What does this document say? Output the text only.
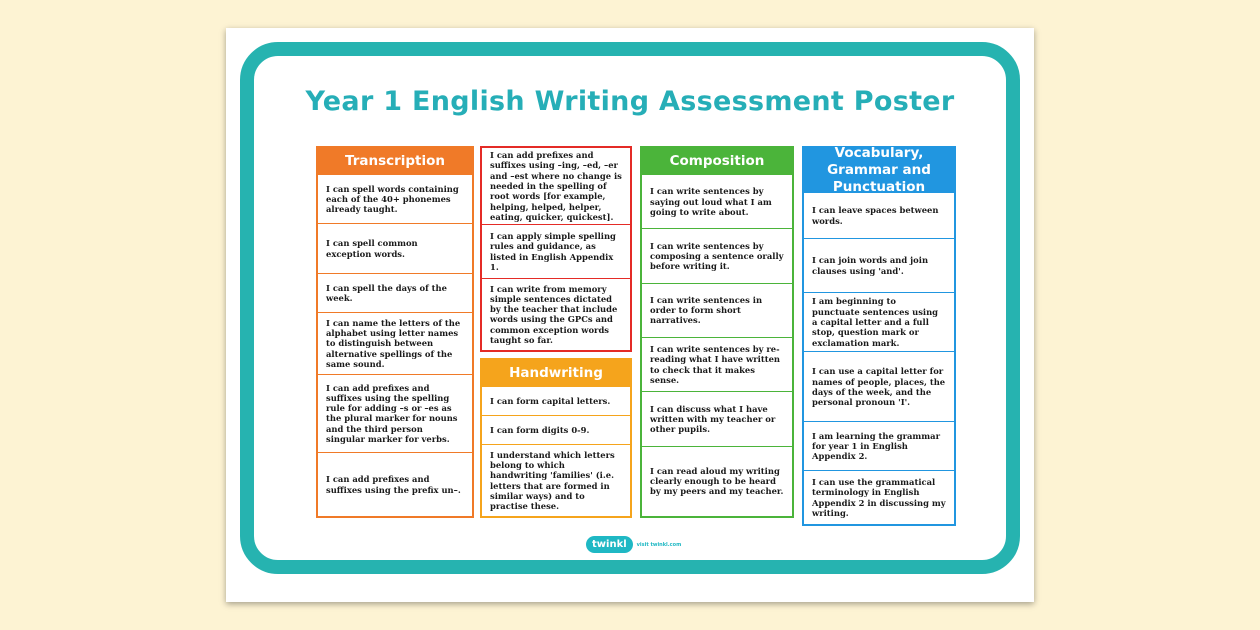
Year 1 English Writing Assessment Poster
Transcription
I can spell words containing each of the 40+ phonemes already taught.
I can spell common exception words.
I can spell the days of the week.
I can name the letters of the alphabet using letter names to distinguish between alternative spellings of the same sound.
I can add prefixes and suffixes using the spelling rule for adding –s or –es as the plural marker for nouns and the third person singular marker for verbs.
I can add prefixes and suffixes using the prefix un–.
I can add prefixes and suffixes using –ing, –ed, –er and –est where no change is needed in the spelling of root words [for example, helping, helped, helper, eating, quicker, quickest].
I can apply simple spelling rules and guidance, as listed in English Appendix 1.
I can write from memory simple sentences dictated by the teacher that include words using the GPCs and common exception words taught so far.
Handwriting
I can form capital letters.
I can form digits 0-9.
I understand which letters belong to which handwriting 'families' (i.e. letters that are formed in similar ways) and to practise these.
Composition
I can write sentences by saying out loud what I am going to write about.
I can write sentences by composing a sentence orally before writing it.
I can write sentences in order to form short narratives.
I can write sentences by re-reading what I have written to check that it makes sense.
I can discuss what I have written with my teacher or other pupils.
I can read aloud my writing clearly enough to be heard by my peers and my teacher.
Vocabulary, Grammar and Punctuation
I can leave spaces between words.
I can join words and join clauses using 'and'.
I am beginning to punctuate sentences using a capital letter and a full stop, question mark or exclamation mark.
I can use a capital letter for names of people, places, the days of the week, and the personal pronoun 'I'.
I am learning the grammar for year 1 in English Appendix 2.
I can use the grammatical terminology in English Appendix 2 in discussing my writing.
twinkl	visit twinkl.com
